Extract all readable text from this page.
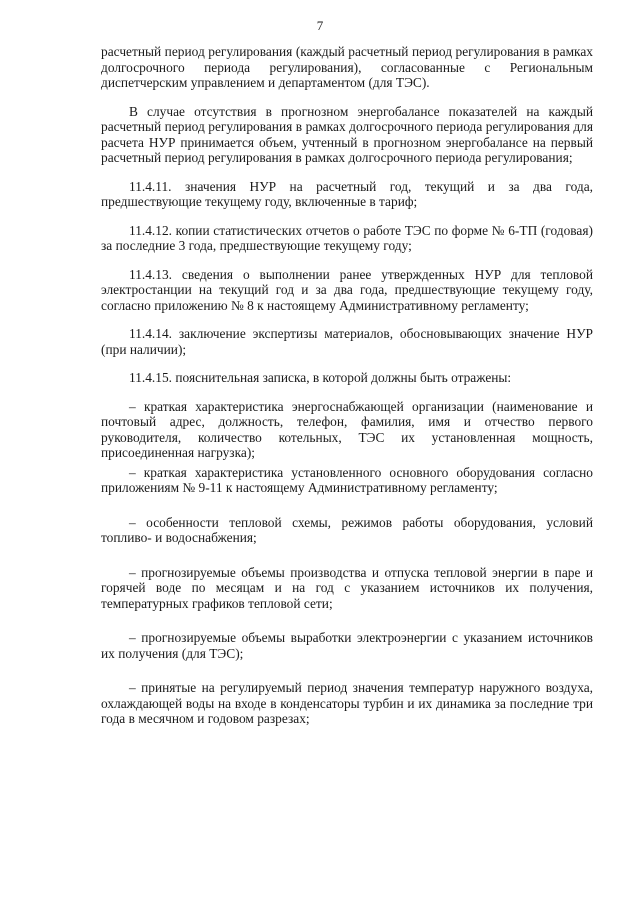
7

расчетный период регулирования (каждый расчетный период регулирования в рамках долгосрочного периода регулирования), согласованные с Региональным диспетчерским управлением и департаментом (для ТЭС).

В случае отсутствия в прогнозном энергобалансе показателей на каждый расчетный период регулирования в рамках долгосрочного периода регулирования для расчета НУР принимается объем, учтенный в прогнозном энергобалансе на первый расчетный период регулирования в рамках долгосрочного периода регулирования;

11.4.11. значения НУР на расчетный год, текущий и за два года, предшествующие текущему году, включенные в тариф;

11.4.12. копии статистических отчетов о работе ТЭС по форме № 6-ТП (годовая) за последние 3 года, предшествующие текущему году;

11.4.13. сведения о выполнении ранее утвержденных НУР для тепловой электростанции на текущий год и за два года, предшествующие текущему году, согласно приложению № 8 к настоящему Административному регламенту;

11.4.14. заключение экспертизы материалов, обосновывающих значение НУР (при наличии);

11.4.15. пояснительная записка, в которой должны быть отражены:

– краткая характеристика энергоснабжающей организации (наименование и почтовый адрес, должность, телефон, фамилия, имя и отчество первого руководителя, количество котельных, ТЭС их установленная мощность, присоединенная нагрузка);

– краткая характеристика установленного основного оборудования согласно приложениям № 9-11 к настоящему Административному регламенту;

– особенности тепловой схемы, режимов работы оборудования, условий топливо- и водоснабжения;

– прогнозируемые объемы производства и отпуска тепловой энергии в паре и горячей воде по месяцам и на год с указанием источников их получения, температурных графиков тепловой сети;

– прогнозируемые объемы выработки электроэнергии с указанием источников их получения (для ТЭС);

– принятые на регулируемый период значения температур наружного воздуха, охлаждающей воды на входе в конденсаторы турбин и их динамика за последние три года в месячном и годовом разрезах;
